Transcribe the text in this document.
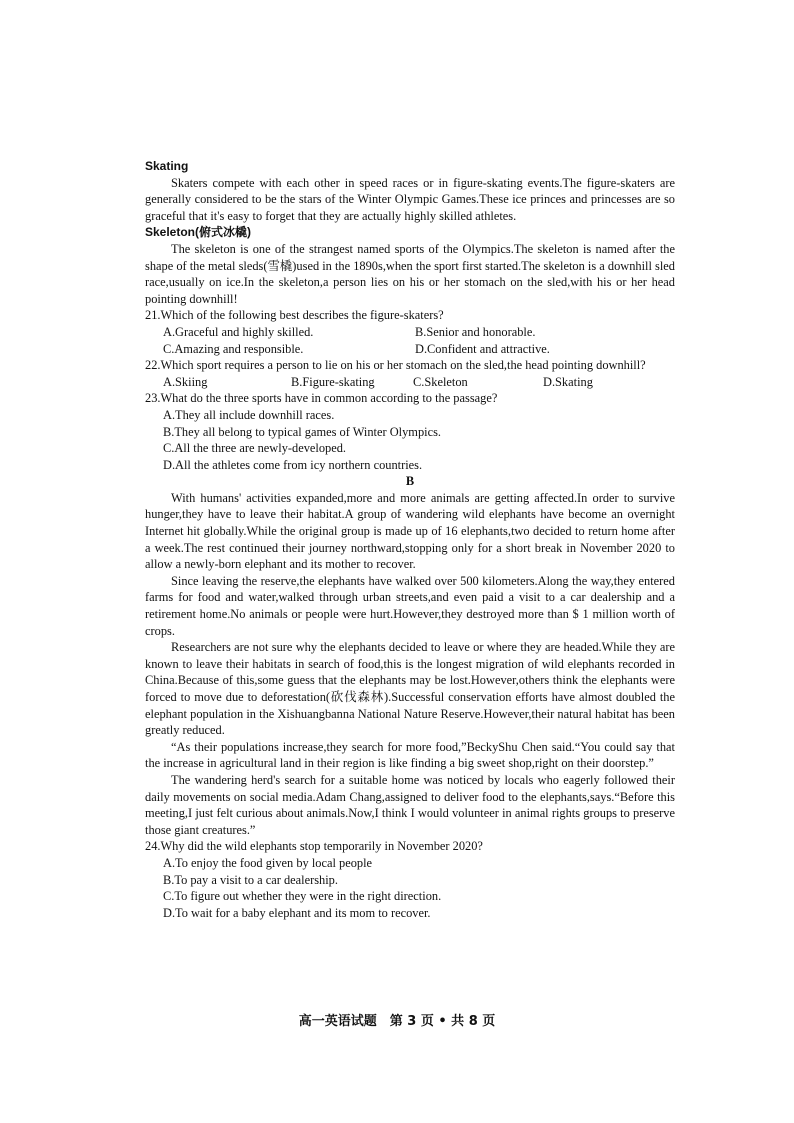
Skating

Skaters compete with each other in speed races or in figure-skating events.The figure-skaters are generally considered to be the stars of the Winter Olympic Games.These ice princes and princesses are so graceful that it's easy to forget that they are actually highly skilled athletes.

Skeleton(俯式冰橇)

The skeleton is one of the strangest named sports of the Olympics.The skeleton is named after the shape of the metal sleds(雪橇)used in the 1890s,when the sport first started.The skeleton is a downhill sled race,usually on ice.In the skeleton,a person lies on his or her stomach on the sled,with his or her head pointing downhill!

21.Which of the following best describes the figure-skaters?

A.Graceful and highly skilled.	B.Senior and honorable.
C.Amazing and responsible.	D.Confident and attractive.

22.Which sport requires a person to lie on his or her stomach on the sled,the head pointing downhill?

A.Skiing	B.Figure-skating	C.Skeleton	D.Skating

23.What do the three sports have in common according to the passage?

A.They all include downhill races.
B.They all belong to typical games of Winter Olympics.
C.All the three are newly-developed.
D.All the athletes come from icy northern countries.

B

With humans' activities expanded,more and more animals are getting affected.In order to survive hunger,they have to leave their habitat.A group of wandering wild elephants have become an overnight Internet hit globally.While the original group is made up of 16 elephants,two decided to return home after a week.The rest continued their journey northward,stopping only for a short break in November 2020 to allow a newly-born elephant and its mother to recover.

Since leaving the reserve,the elephants have walked over 500 kilometers.Along the way,they entered farms for food and water,walked through urban streets,and even paid a visit to a car dealership and a retirement home.No animals or people were hurt.However,they destroyed more than $ 1 million worth of crops.

Researchers are not sure why the elephants decided to leave or where they are headed.While they are known to leave their habitats in search of food,this is the longest migration of wild elephants recorded in China.Because of this,some guess that the elephants may be lost.However,others think the elephants were forced to move due to deforestation(砍伐森林).Successful conservation efforts have almost doubled the elephant population in the Xishuangbanna National Nature Reserve.However,their natural habitat has been greatly reduced.

“As their populations increase,they search for more food,”BeckyShu Chen said.“You could say that the increase in agricultural land in their region is like finding a big sweet shop,right on their doorstep.”

The wandering herd's search for a suitable home was noticed by locals who eagerly followed their daily movements on social media.Adam Chang,assigned to deliver food to the elephants,says.“Before this meeting,I just felt curious about animals.Now,I think I would volunteer in animal rights groups to preserve those giant creatures.”

24.Why did the wild elephants stop temporarily in November 2020?

A.To enjoy the food given by local people
B.To pay a visit to a car dealership.
C.To figure out whether they were in the right direction.
D.To wait for a baby elephant and its mom to recover.
高一英语试题　第 3 页 • 共 8 页
